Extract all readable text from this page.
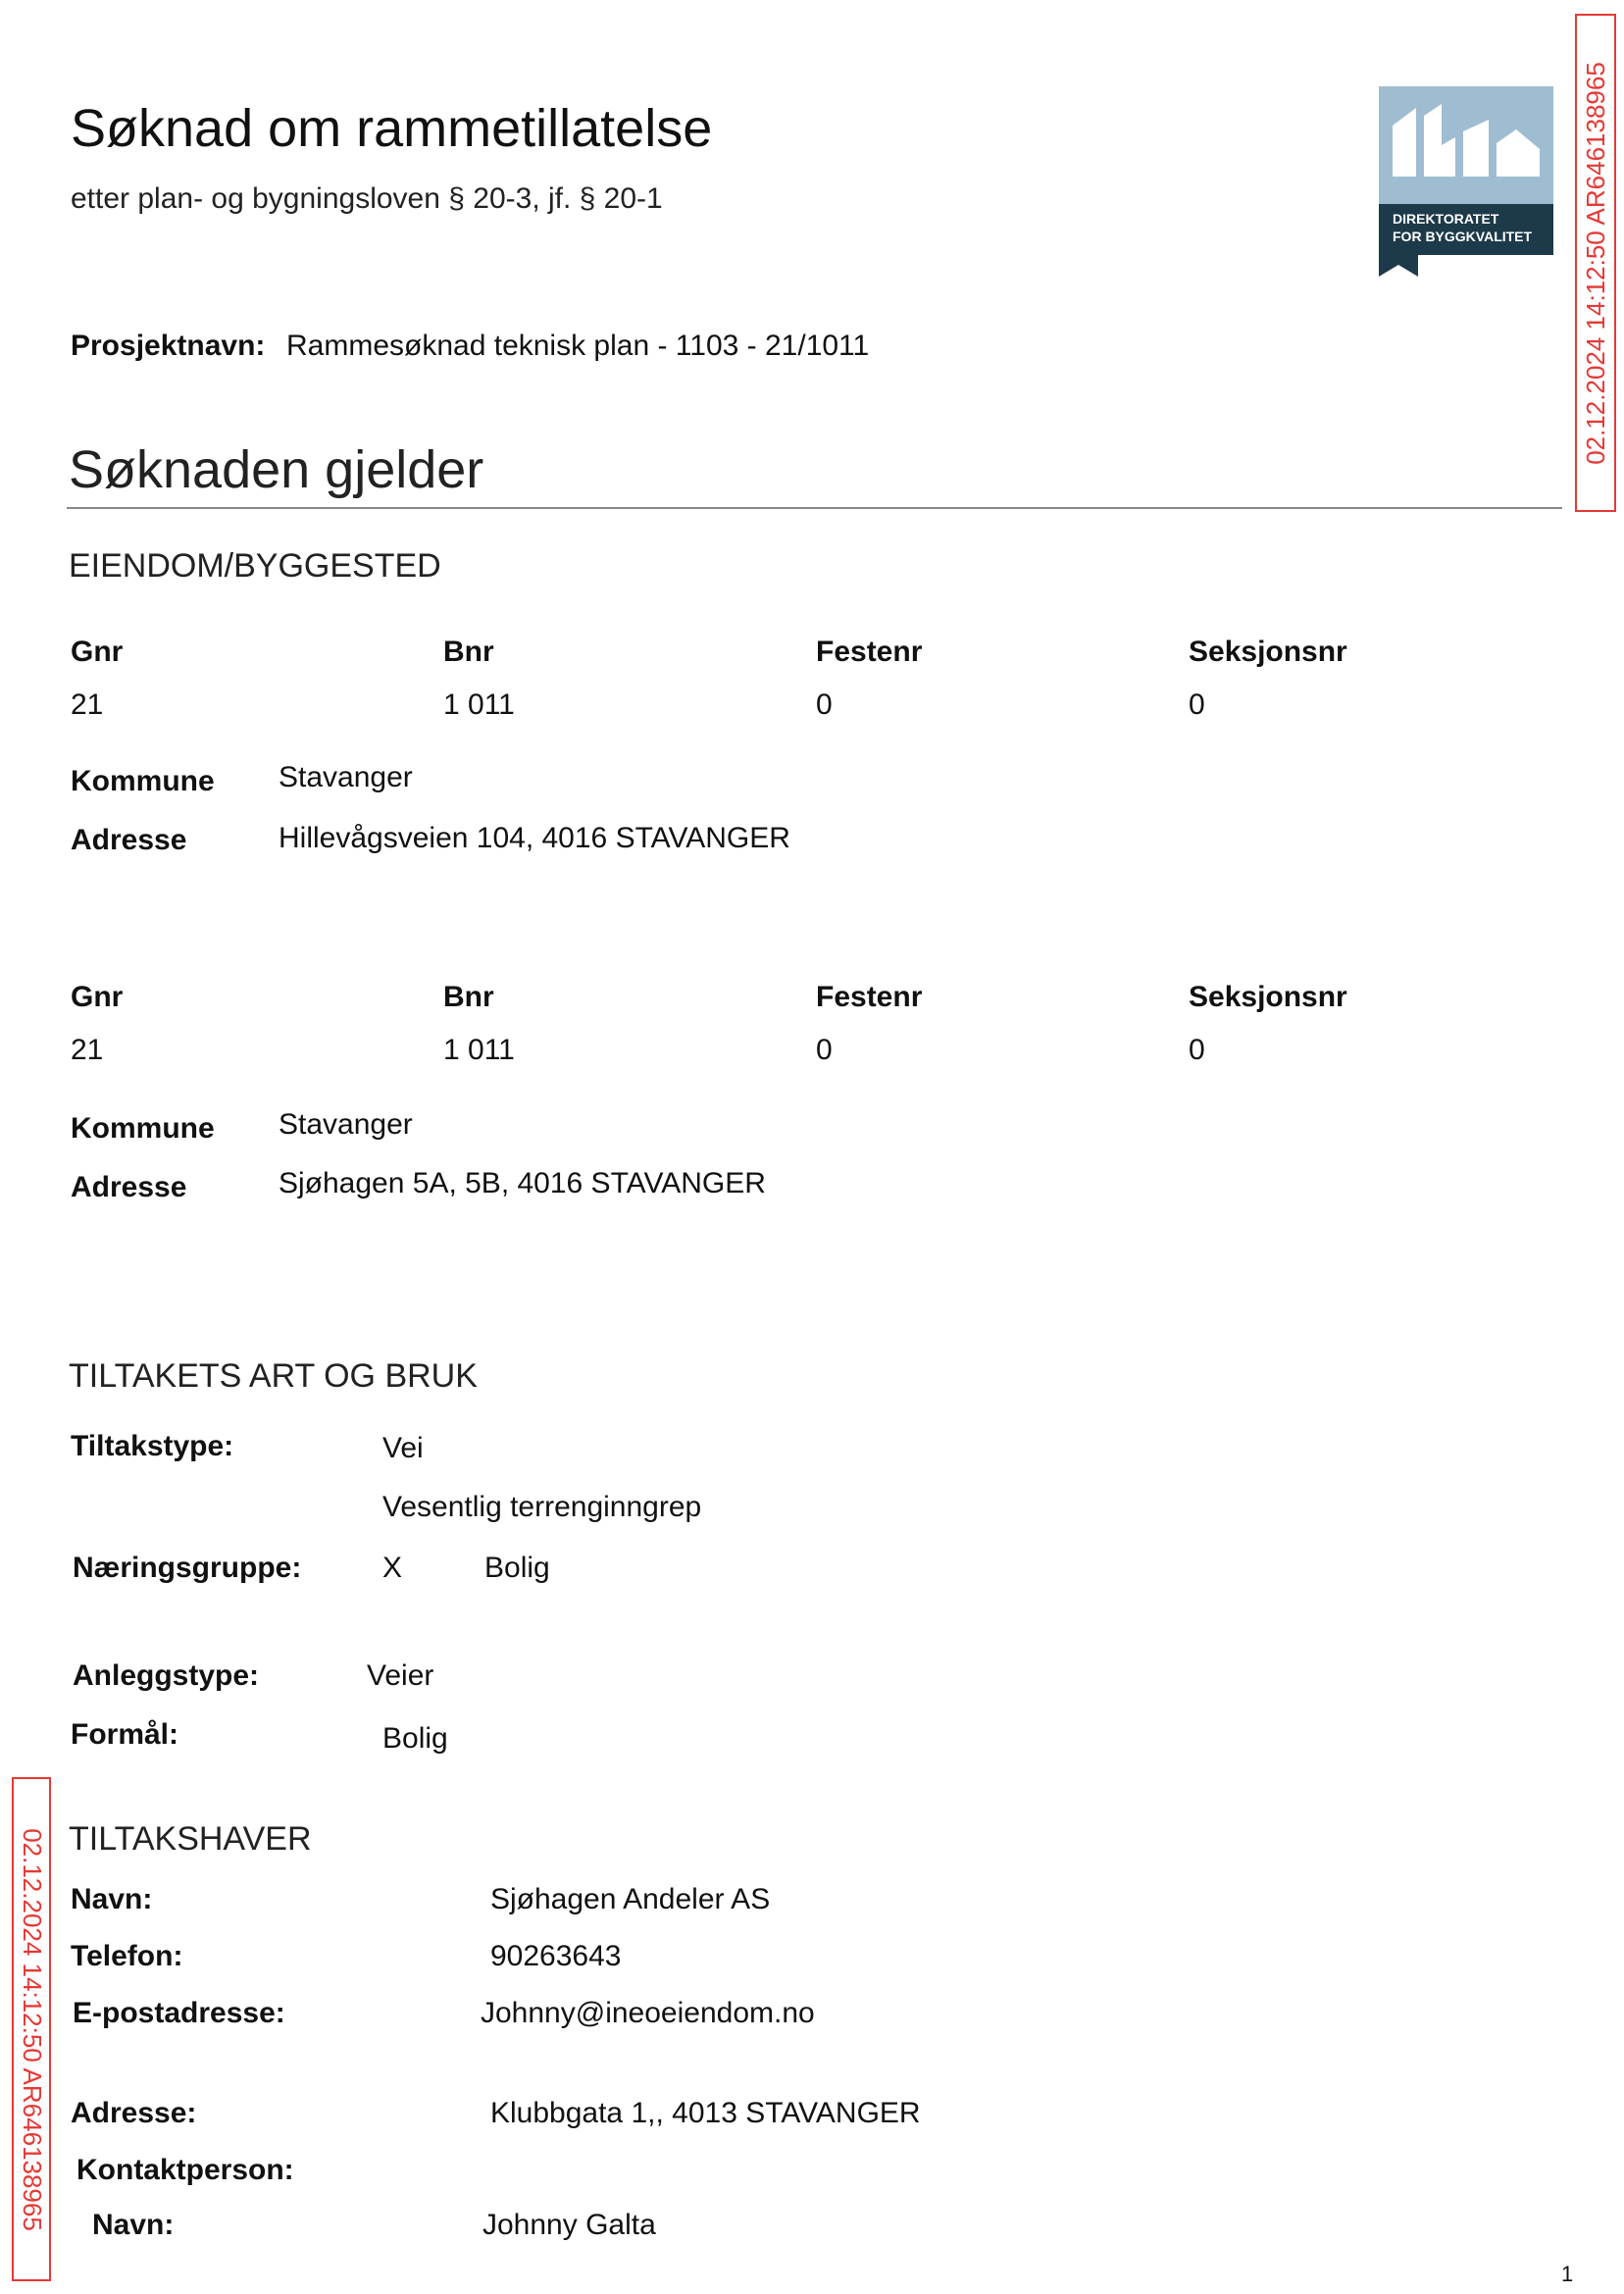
Søknad om rammetillatelse
etter plan- og bygningsloven § 20-3, jf. § 20-1
DIREKTORATET
FOR BYGGKVALITET
Prosjektnavn: Rammesøknad teknisk plan - 1103 - 21/1011
Søknaden gjelder
EIENDOM/BYGGESTED
Gnr	Bnr	Festenr	Seksjonsnr
21	1 011	0	0
Kommune Stavanger
Adresse	Hillevågsveien 104, 4016 STAVANGER
Gnr	Bnr	Festenr	Seksjonsnr
21	1 011	0	0
Kommune Stavanger
Adresse	Sjøhagen 5A, 5B, 4016 STAVANGER
TILTAKETS ART OG BRUK
Tiltakstype:	Vei
Vesentlig terrenginngrep
Næringsgruppe:	X	Bolig
Anleggstype:	Veier
Formål:	Bolig
TILTAKSHAVER
Navn:	Sjøhagen Andeler AS
Telefon:	90263643
E-postadresse:	Johnny@ineoeiendom.no
Adresse:	Klubbgata 1,, 4013 STAVANGER
Kontaktperson:
Navn:	Johnny Galta
02.12.2024 14:12:50 AR646138965
02.12.2024 14:12:50 AR646138965
1
